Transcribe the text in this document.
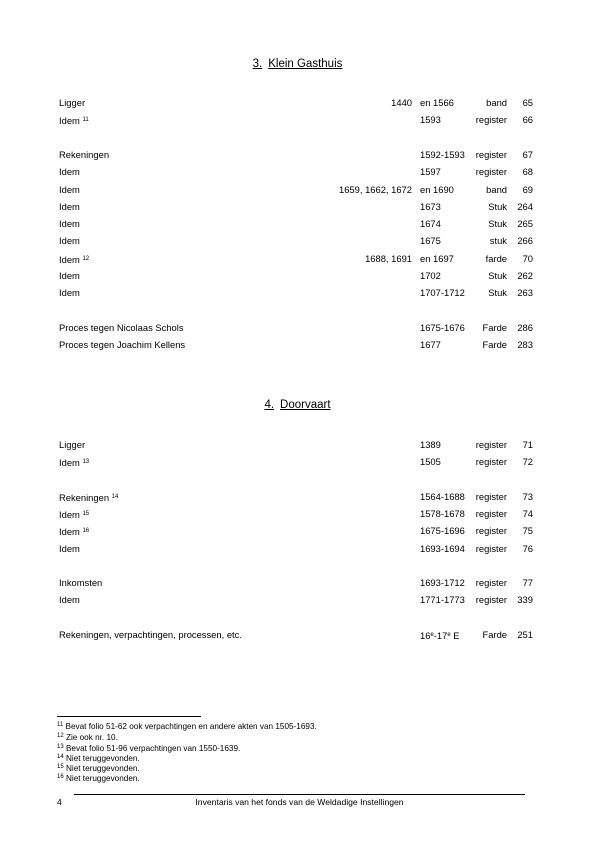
3. Klein Gasthuis
4. Doorvaart
Ligger	1440 en 1566	band 65
Idem $^{11}$	1593	register 66
Rekeningen	1592-1593 register 67
Idem	1597	register 68
Idem	1659, 1662, 1672 en 1690	band 69
Idem	1673	Stuk 264
Idem	1674	Stuk 265
Idem	1675	stuk 266
Idem $^{12}$	1688, 1691 en 1697	farde 70
Idem	1702	Stuk 262
Idem	1707-1712 Stuk 263
Proces tegen Nicolaas Schols	1675-1676 Farde 286
Proces tegen Joachim Kellens	1677	Farde 283
Ligger	1389	register 71
Idem $^{13}$	1505	register 72
Rekeningen $^{14}$	1564-1688 register 73
Idem $^{15}$	1578-1678 register 74
Idem $^{16}$	1675-1696 register 75
Idem	1693-1694 register 76
Inkomsten	1693-1712 register 77
Idem	1771-1773 register 339
Rekeningen, verpachtingen, processen, etc.	16e-17e E Farde 251
$^{11}$ Bevat folio 51-62 ook verpachtingen en andere akten van 1505-1693.
$^{12}$ Zie ook nr. 10.
$^{13}$ Bevat folio 51-96 verpachtingen van 1550-1639.
$^{14}$ Niet teruggevonden.
$^{15}$ Niet teruggevonden.
$^{16}$ Niet teruggevonden.
4	Inventaris van het fonds van de Weldadige Instellingen
